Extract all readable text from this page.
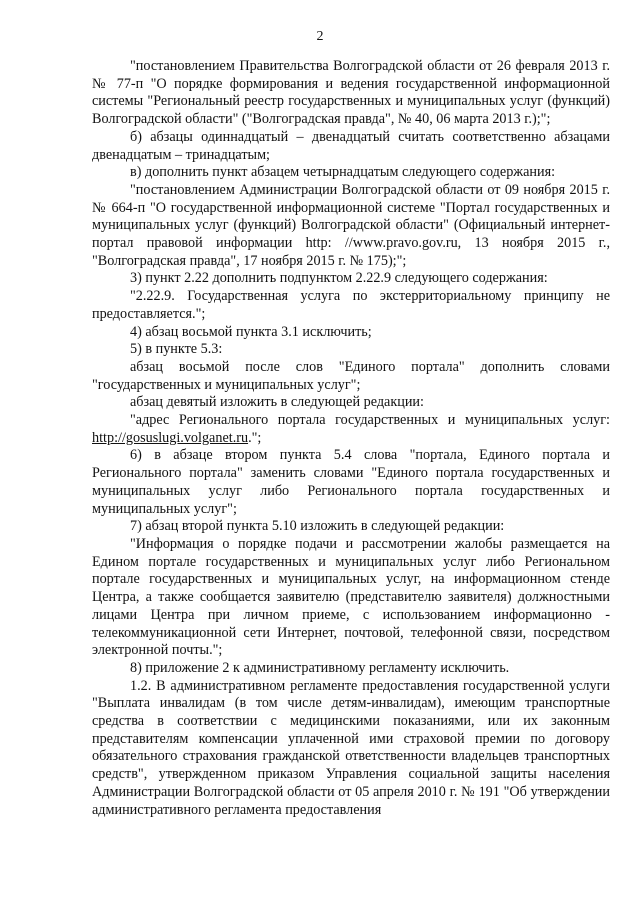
2

"постановлением Правительства Волгоградской области от 26 февраля 2013 г. № 77-п "О порядке формирования и ведения государственной информационной системы "Региональный реестр государственных и муниципальных услуг (функций) Волгоградской области" ("Волгоградская правда", № 40, 06 марта 2013 г.);";

б) абзацы одиннадцатый – двенадцатый считать соответственно абзацами двенадцатым – тринадцатым;

в) дополнить пункт абзацем четырнадцатым следующего содержания:

"постановлением Администрации Волгоградской области от 09 ноября 2015 г. № 664-п "О государственной информационной системе "Портал государственных и муниципальных услуг (функций) Волгоградской области" (Официальный интернет-портал правовой информации http: //www.pravo.gov.ru, 13 ноября 2015 г., "Волгоградская правда", 17 ноября 2015 г. № 175);";

3) пункт 2.22 дополнить подпунктом 2.22.9 следующего содержания:

"2.22.9. Государственная услуга по экстерриториальному принципу не предоставляется.";

4) абзац восьмой пункта 3.1 исключить;

5) в пункте 5.3:

абзац восьмой после слов "Единого портала" дополнить словами "государственных и муниципальных услуг";

абзац девятый изложить в следующей редакции:

"адрес Регионального портала государственных и муниципальных услуг: http://gosuslugi.volganet.ru.";

6) в абзаце втором пункта 5.4 слова "портала, Единого портала и Регионального портала" заменить словами "Единого портала государственных и муниципальных услуг либо Регионального портала государственных и муниципальных услуг";

7) абзац второй пункта 5.10 изложить в следующей редакции:

"Информация о порядке подачи и рассмотрении жалобы размещается на Едином портале государственных и муниципальных услуг либо Региональном портале государственных и муниципальных услуг, на информационном стенде Центра, а также сообщается заявителю (представителю заявителя) должностными лицами Центра при личном приеме, с использованием информационно - телекоммуникационной сети Интернет, почтовой, телефонной связи, посредством электронной почты.";

8) приложение 2 к административному регламенту исключить.

1.2. В административном регламенте предоставления государственной услуги "Выплата инвалидам (в том числе детям-инвалидам), имеющим транспортные средства в соответствии с медицинскими показаниями, или их законным представителям компенсации уплаченной ими страховой премии по договору обязательного страхования гражданской ответственности владельцев транспортных средств", утвержденном приказом Управления социальной защиты населения Администрации Волгоградской области от 05 апреля 2010 г. № 191 "Об утверждении административного регламента предоставления
